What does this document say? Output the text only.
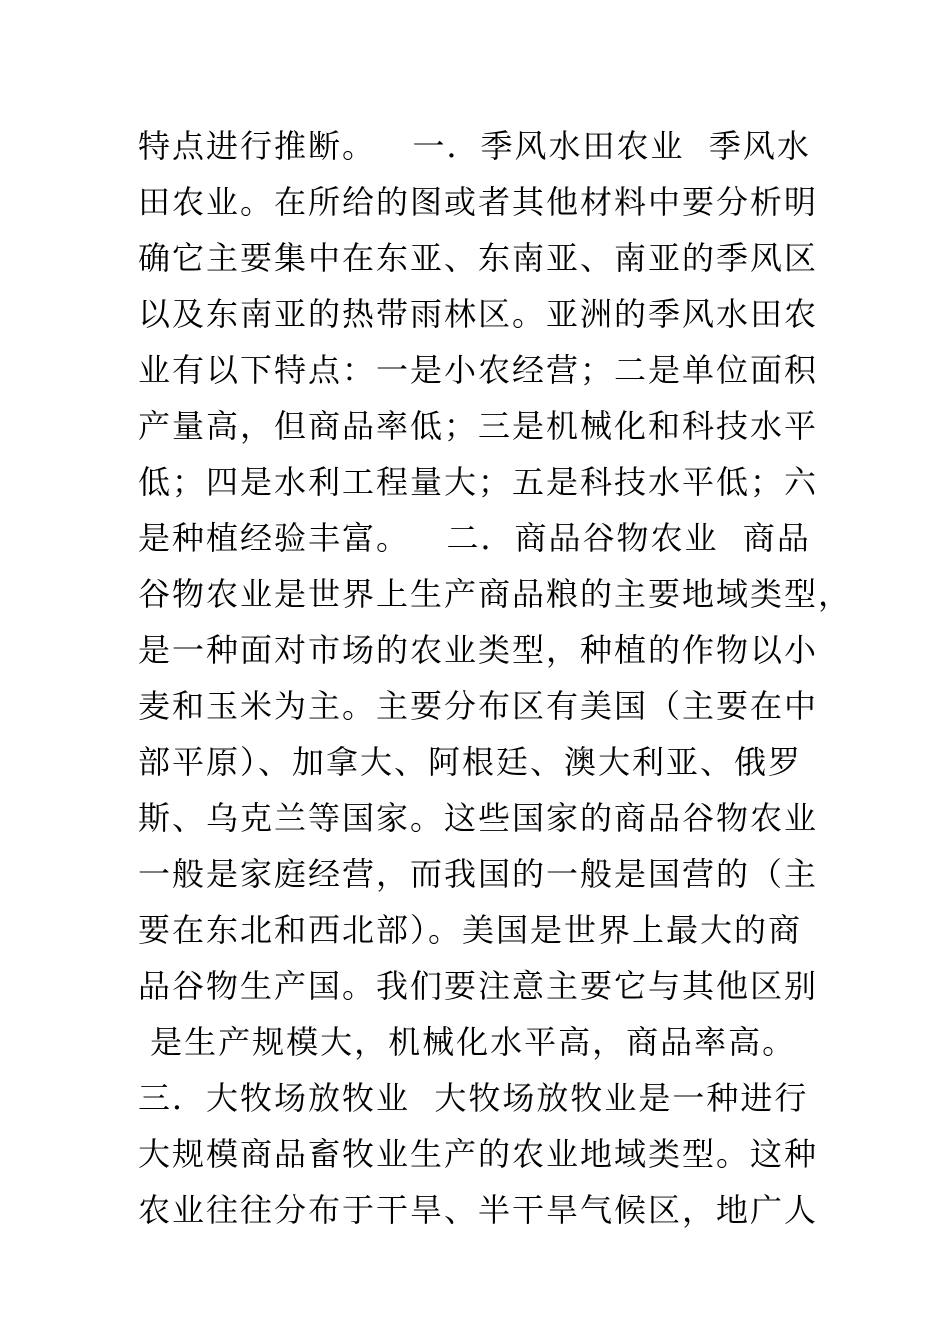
特点进行推断。   一．季风水田农业  季风水
田农业。在所给的图或者其他材料中要分析明
确它主要集中在东亚、东南亚、南亚的季风区
以及东南亚的热带雨林区。亚洲的季风水田农
业有以下特点：一是小农经营；二是单位面积
产量高，但商品率低；三是机械化和科技水平
低；四是水利工程量大；五是科技水平低；六
是种植经验丰富。   二．商品谷物农业  商品
谷物农业是世界上生产商品粮的主要地域类型，
是一种面对市场的农业类型，种植的作物以小
麦和玉米为主。主要分布区有美国（主要在中
部平原）、加拿大、阿根廷、澳大利亚、俄罗
斯、乌克兰等国家。这些国家的商品谷物农业
一般是家庭经营，而我国的一般是国营的（主
要在东北和西北部）。美国是世界上最大的商
品谷物生产国。我们要注意主要它与其他区别
是生产规模大，机械化水平高，商品率高。
三．大牧场放牧业  大牧场放牧业是一种进行
大规模商品畜牧业生产的农业地域类型。这种
农业往往分布于干旱、半干旱气候区，地广人
